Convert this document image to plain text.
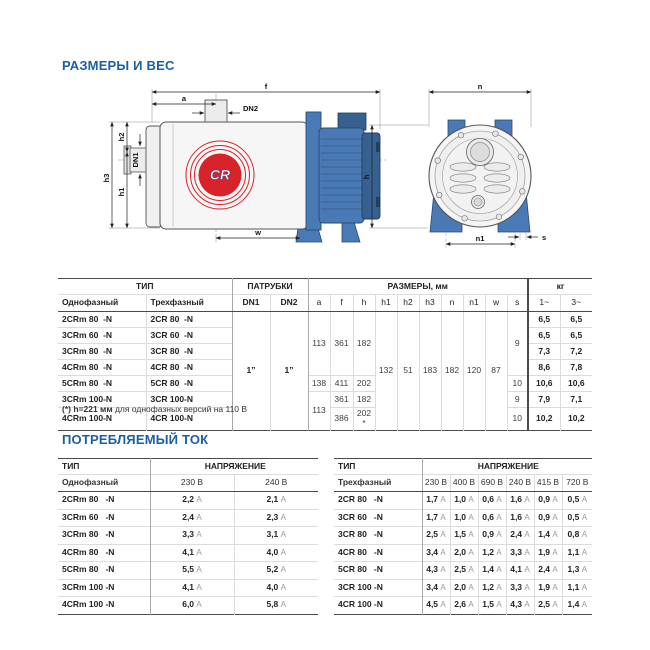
РАЗМЕРЫ И ВЕС
CR
f
a
DN2
DN1
h2
h1
h3
w
n
h
n1	s
ТИП		ПАТРУБКИ		РАЗМЕРЫ, мм										кг	
Однофазный	Трехфазный	DN1	DN2	a	f	h	h1	h2	h3	n	n1	w	s	1~	3~
2CRm 80  -N	2CR 80  -N	1”	1”	113	361	182	132	51	183	182	120	87	9	6,5	6,5
3CRm 60  -N	3CR 60  -N													6,5	6,5
3CRm 80  -N	3CR 80  -N													7,3	7,2
4CRm 80  -N	4CR 80  -N													8,6	7,8
5CRm 80  -N	5CR 80  -N			138	411	202							10	10,6	10,6
3CRm 100-N	3CR 100-N			113	361	182							9	7,9	7,1
4CRm 100-N	4CR 100-N				386	202 *							10	10,2	10,2
(*) h=221 мм для однофазных версий на 110 В
ПОТРЕБЛЯЕМЫЙ ТОК
ТИП	НАПРЯЖЕНИЕ	
Однофазный	230 В	240 В
2CRm 80   -N	2,2 A	2,1 A
3CRm 60   -N	2,4 A	2,3 A
3CRm 80   -N	3,3 A	3,1 A
4CRm 80   -N	4,1 A	4,0 A
5CRm 80   -N	5,5 A	5,2 A
3CRm 100 -N	4,1 A	4,0 A
4CRm 100 -N	6,0 A	5,8 A
ТИП	НАПРЯЖЕНИЕ					
Трехфазный	230 В	400 В	690 В	240 В	415 В	720 В
2CR 80   -N	1,7 A	1,0 A	0,6 A	1,6 A	0,9 A	0,5 A
3CR 60   -N	1,7 A	1,0 A	0,6 A	1,6 A	0,9 A	0,5 A
3CR 80   -N	2,5 A	1,5 A	0,9 A	2,4 A	1,4 A	0,8 A
4CR 80   -N	3,4 A	2,0 A	1,2 A	3,3 A	1,9 A	1,1 A
5CR 80   -N	4,3 A	2,5 A	1,4 A	4,1 A	2,4 A	1,3 A
3CR 100 -N	3,4 A	2,0 A	1,2 A	3,3 A	1,9 A	1,1 A
4CR 100 -N	4,5 A	2,6 A	1,5 A	4,3 A	2,5 A	1,4 A
